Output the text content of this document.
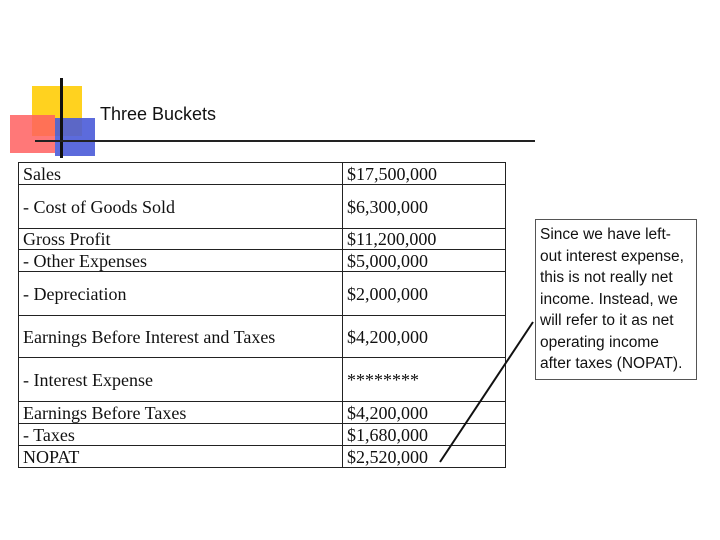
Three Buckets
Sales	$17,500,000
- Cost of Goods Sold	$6,300,000
Gross Profit	$11,200,000
- Other Expenses	$5,000,000
- Depreciation	$2,000,000
Earnings Before Interest and Taxes	$4,200,000
- Interest Expense	********
Earnings Before Taxes	$4,200,000
- Taxes	$1,680,000
NOPAT	$2,520,000
Since we have left-out interest expense, this is not really net income. Instead, we will refer to it as net operating income after taxes (NOPAT).
